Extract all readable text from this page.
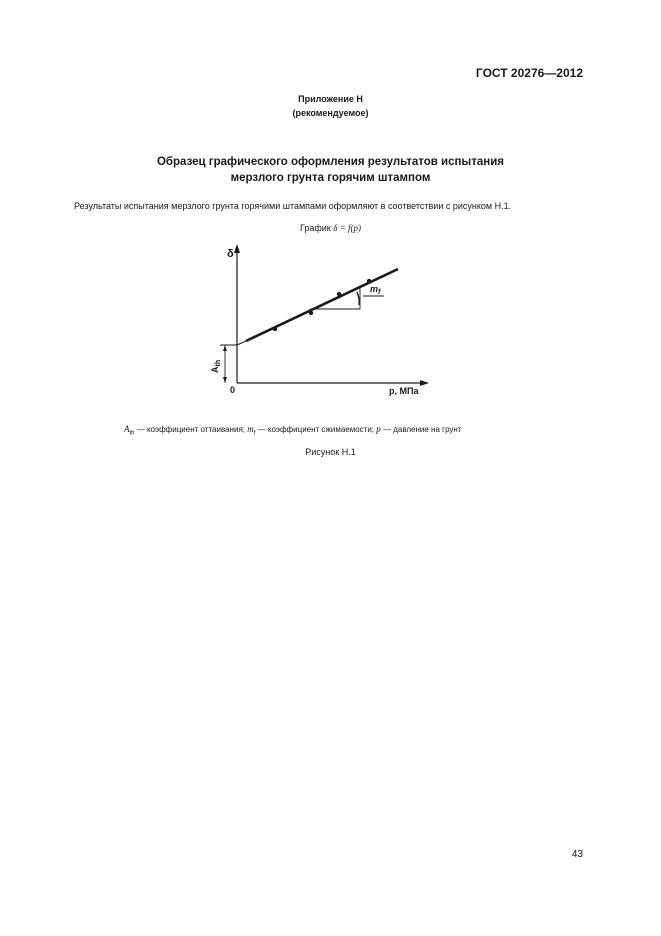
ГОСТ 20276—2012
Приложение Н
(рекомендуемое)
Образец графического оформления результатов испытания
мерзлого грунта горячим штампом
Результаты испытания мерзлого грунта горячими штампами оформляют в соответствии с рисунком Н.1.
График δ = f(p)
δ
p, МПа
0
$A_{th}$
$m_f$
$A_{th}$ — коэффициент оттаивания; $m_f$ — коэффициент сжимаемости; p — давление на грунт
Рисунок Н.1
43
